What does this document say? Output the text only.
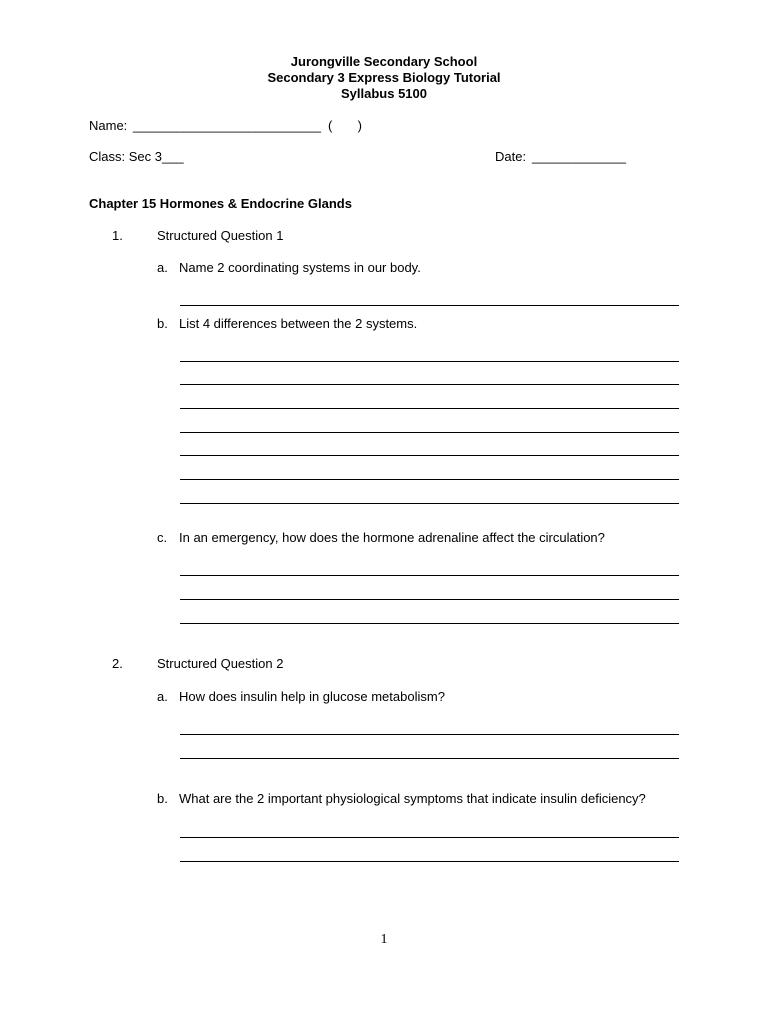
Jurongville Secondary School
Secondary 3 Express Biology Tutorial
Syllabus 5100
Name: __________________________ (       )
Class: Sec 3___	Date: _____________
Chapter 15 Hormones & Endocrine Glands
1.	Structured Question 1
a. Name 2 coordinating systems in our body.
b. List 4 differences between the 2 systems.
c. In an emergency, how does the hormone adrenaline affect the circulation?
2.	Structured Question 2
a. How does insulin help in glucose metabolism?
b. What are the 2 important physiological symptoms that indicate insulin deficiency?
1
